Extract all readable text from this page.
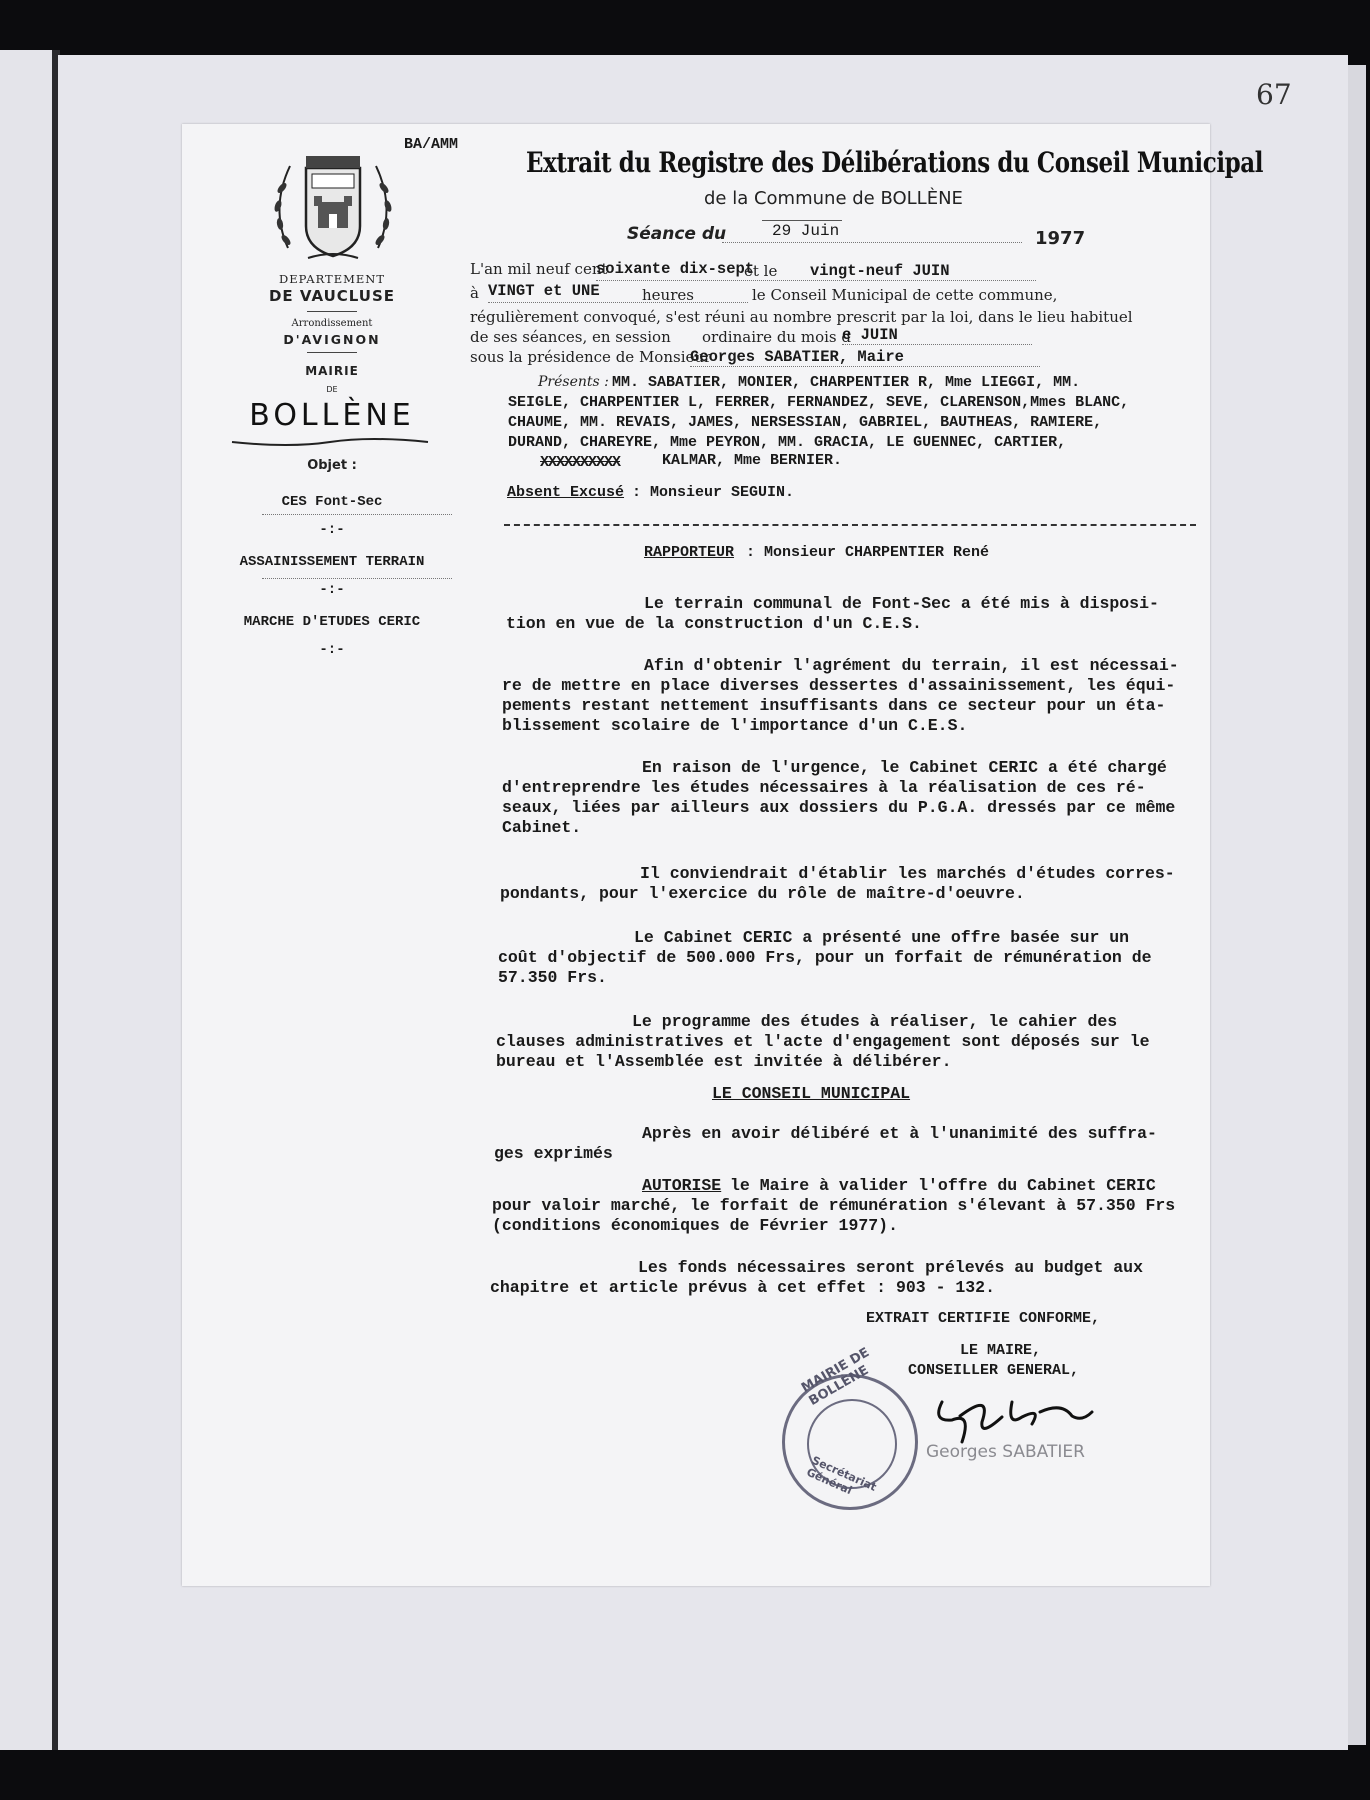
67
BA/AMM
Extrait du Registre des Délibérations du Conseil Municipal
de la Commune de BOLLÈNE
Séance du	29 Juin	1977
DEPARTEMENT
DE VAUCLUSE
Arrondissement
D'AVIGNON
MAIRIE
DE
BOLLÈNE
Objet :
CES Font-Sec
-:-
ASSAINISSEMENT TERRAIN
-:-
MARCHE D'ETUDES CERIC
-:-
L'an mil neuf cent
soixante dix-sept
et le vingt-neuf JUIN
à VINGT et UNE	heures	le Conseil Municipal de cette commune,
régulièrement convoqué, s'est réuni au nombre prescrit par la loi, dans le lieu habituel
de ses séances, en session ordinaire du mois d
e JUIN
sous la présidence de Monsieur
Georges SABATIER, Maire
Présents : MM. SABATIER, MONIER, CHARPENTIER R, Mme LIEGGI, MM.
SEIGLE, CHARPENTIER L, FERRER, FERNANDEZ, SEVE, CLARENSON,Mmes BLANC,
CHAUME, MM. REVAIS, JAMES, NERSESSIAN, GABRIEL, BAUTHEAS, RAMIERE,
DURAND, CHAREYRE, Mme PEYRON, MM. GRACIA, LE GUENNEC, CARTIER,
XXXXXXXXXX	KALMAR, Mme BERNIER.
Absent Excusé : Monsieur SEGUIN.
RAPPORTEUR : Monsieur CHARPENTIER René
Le terrain communal de Font-Sec a été mis à disposi-
tion en vue de la construction d'un C.E.S.
Afin d'obtenir l'agrément du terrain, il est nécessai-
re de mettre en place diverses dessertes d'assainissement, les équi-
pements restant nettement insuffisants dans ce secteur pour un éta-
blissement scolaire de l'importance d'un C.E.S.
En raison de l'urgence, le Cabinet CERIC a été chargé
d'entreprendre les études nécessaires à la réalisation de ces ré-
seaux, liées par ailleurs aux dossiers du P.G.A. dressés par ce même
Cabinet.
Il conviendrait d'établir les marchés d'études corres-
pondants, pour l'exercice du rôle de maître-d'oeuvre.
Le Cabinet CERIC a présenté une offre basée sur un
coût d'objectif de 500.000 Frs, pour un forfait de rémunération de
57.350 Frs.
Le programme des études à réaliser, le cahier des
clauses administratives et l'acte d'engagement sont déposés sur le
bureau et l'Assemblée est invitée à délibérer.
LE CONSEIL MUNICIPAL
Après en avoir délibéré et à l'unanimité des suffra-
ges exprimés
AUTORISE le Maire à valider l'offre du Cabinet CERIC
pour valoir marché, le forfait de rémunération s'élevant à 57.350 Frs
(conditions économiques de Février 1977).
Les fonds nécessaires seront prélevés au budget aux
chapitre et article prévus à cet effet : 903 - 132.
EXTRAIT CERTIFIE CONFORME,
LE MAIRE,
CONSEILLER GENERAL,
MAIRIE DE BOLLÈNE
Secrétariat Général
Georges SABATIER
